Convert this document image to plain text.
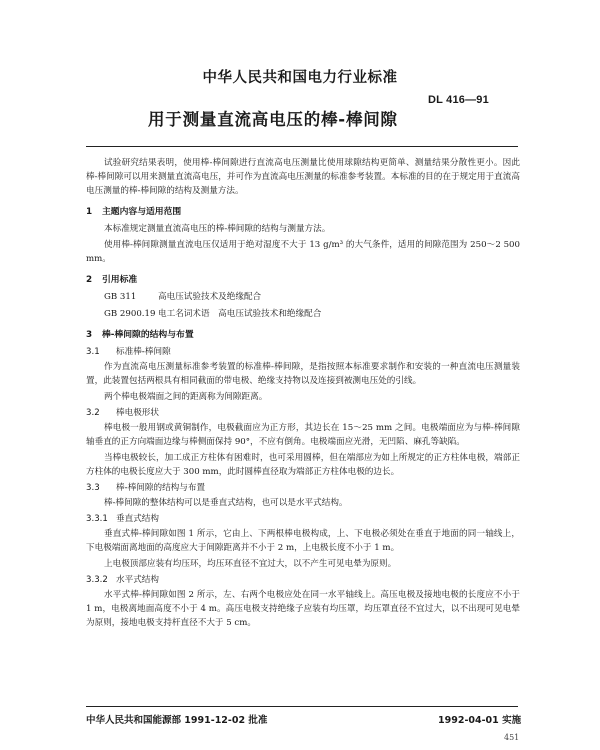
中华人民共和国电力行业标准
DL 416—91
用于测量直流高电压的棒-棒间隙

试验研究结果表明，使用棒-棒间隙进行直流高电压测量比使用球隙结构更简单、测量结果分散性更小。因此棒-棒间隙可以用来测量直流高电压，并可作为直流高电压测量的标准参考装置。本标准的目的在于规定用于直流高电压测量的棒-棒间隙的结构及测量方法。

1 主题内容与适用范围

本标准规定测量直流高电压的棒-棒间隙的结构与测量方法。

使用棒-棒间隙测量直流电压仅适用于绝对湿度不大于 13 g/m³ 的大气条件，适用的间隙范围为 250～2 500 mm。

2 引用标准
GB 311	高电压试验技术及绝缘配合
GB 2900.19 电工名词术语　高电压试验技术和绝缘配合
3 棒-棒间隙的结构与布置
3.1 标准棒-棒间隙

作为直流高电压测量标准参考装置的标准棒-棒间隙，是指按照本标准要求制作和安装的一种直流电压测量装置，此装置包括两根具有相同截面的带电极、绝缘支持物以及连接到被测电压处的引线。

两个棒电极端面之间的距离称为间隙距离。

3.2 棒电极形状

棒电极一般用钢或黄铜制作，电极截面应为正方形，其边长在 15～25 mm 之间。电极端面应为与棒-棒间隙轴垂直的正方向端面边缘与棒侧面保持 90°，不应有倒角。电极端面应光滑，无凹陷、麻孔等缺陷。

当棒电极较长，加工成正方柱体有困难时，也可采用圆棒，但在端部应为如上所规定的正方柱体电极，端部正方柱体的电极长度应大于 300 mm，此时圆棒直径取为端部正方柱体电极的边长。

3.3 棒-棒间隙的结构与布置

棒-棒间隙的整体结构可以是垂直式结构，也可以是水平式结构。

3.3.1 垂直式结构

垂直式棒-棒间隙如图 1 所示，它由上、下两根棒电极构成，上、下电极必须处在垂直于地面的同一轴线上，下电极端面离地面的高度应大于间隙距离并不小于 2 m，上电极长度不小于 1 m。

上电极顶部应装有均压环，均压环直径不宜过大，以不产生可见电晕为原则。

3.3.2 水平式结构

水平式棒-棒间隙如图 2 所示，左、右两个电极应处在同一水平轴线上。高压电极及接地电极的长度应不小于 1 m，电极离地面高度不小于 4 m。高压电极支持绝缘子应装有均压罩，均压罩直径不宜过大，以不出现可见电晕为原则，接地电极支持杆直径不大于 5 cm。

中华人民共和国能源部 1991-12-02 批准	1992-04-01 实施
451
